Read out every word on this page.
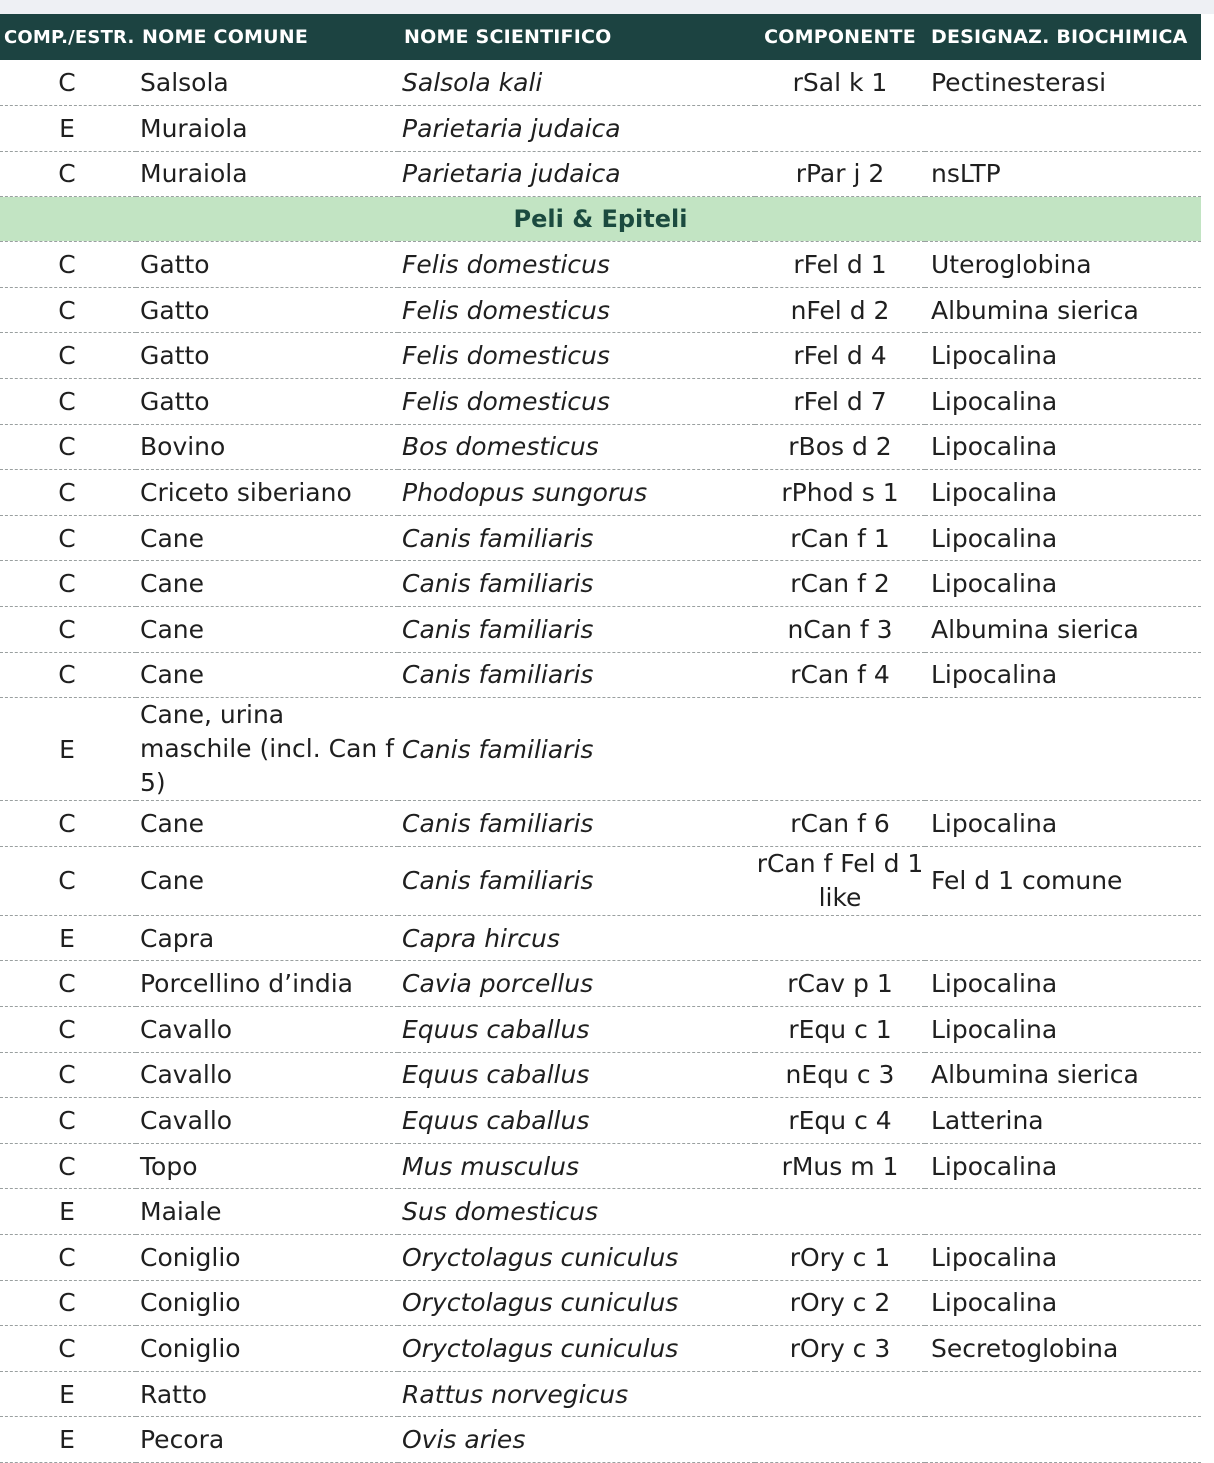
COMP./ESTR.	NOME COMUNE	NOME SCIENTIFICO	COMPONENTE	DESIGNAZ. BIOCHIMICA
C	Salsola	Salsola kali	rSal k 1	Pectinesterasi
E	Muraiola	Parietaria judaica		
C	Muraiola	Parietaria judaica	rPar j 2	nsLTP
Peli & Epiteli				
C	Gatto	Felis domesticus	rFel d 1	Uteroglobina
C	Gatto	Felis domesticus	nFel d 2	Albumina sierica
C	Gatto	Felis domesticus	rFel d 4	Lipocalina
C	Gatto	Felis domesticus	rFel d 7	Lipocalina
C	Bovino	Bos domesticus	rBos d 2	Lipocalina
C	Criceto siberiano	Phodopus sungorus	rPhod s 1	Lipocalina
C	Cane	Canis familiaris	rCan f 1	Lipocalina
C	Cane	Canis familiaris	rCan f 2	Lipocalina
C	Cane	Canis familiaris	nCan f 3	Albumina sierica
C	Cane	Canis familiaris	rCan f 4	Lipocalina
E	Cane, urina maschile (incl. Can f 5)	Canis familiaris		
C	Cane	Canis familiaris	rCan f 6	Lipocalina
C	Cane	Canis familiaris	rCan f Fel d 1 like	Fel d 1 comune
E	Capra	Capra hircus		
C	Porcellino d’india	Cavia porcellus	rCav p 1	Lipocalina
C	Cavallo	Equus caballus	rEqu c 1	Lipocalina
C	Cavallo	Equus caballus	nEqu c 3	Albumina sierica
C	Cavallo	Equus caballus	rEqu c 4	Latterina
C	Topo	Mus musculus	rMus m 1	Lipocalina
E	Maiale	Sus domesticus		
C	Coniglio	Oryctolagus cuniculus	rOry c 1	Lipocalina
C	Coniglio	Oryctolagus cuniculus	rOry c 2	Lipocalina
C	Coniglio	Oryctolagus cuniculus	rOry c 3	Secretoglobina
E	Ratto	Rattus norvegicus		
E	Pecora	Ovis aries		
